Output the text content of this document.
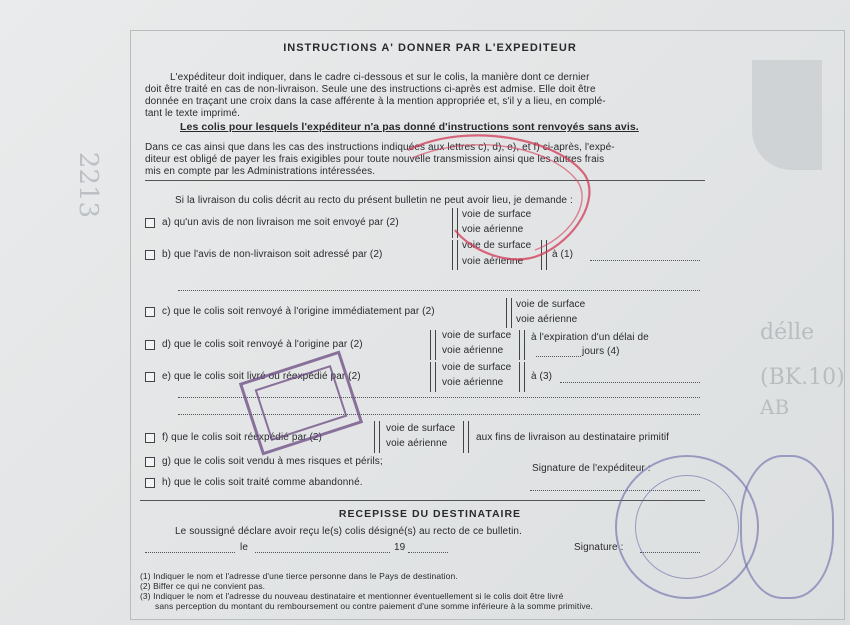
2213
délle
(BK.10)
AB
INSTRUCTIONS A' DONNER PAR L'EXPEDITEUR
L'expéditeur doit indiquer, dans le cadre ci-dessous et sur le colis, la manière dont ce dernier
doit être traité en cas de non-livraison. Seule une des instructions ci-après est admise. Elle doit être
donnée en traçant une croix dans la case afférente à la mention appropriée et, s'il y a lieu, en complé-
tant le texte imprimé.
Les colis pour lesquels l'expéditeur n'a pas donné d'instructions sont renvoyés sans avis.
Dans ce cas ainsi que dans les cas des instructions indiquées aux lettres c), d), e), et f) ci-après, l'expé-
diteur est obligé de payer les frais exigibles pour toute nouvelle transmission ainsi que les autres frais
mis en compte par les Administrations intéressées.
Si la livraison du colis décrit au recto du présent bulletin ne peut avoir lieu, je demande :
a) qu'un avis de non livraison me soit envoyé par (2)
voie de surface
voie aérienne
b) que l'avis de non-livraison soit adressé par (2)
voie de surface
voie aérienne
à (1)
c) que le colis soit renvoyé à l'origine immédiatement par (2)
voie de surface
voie aérienne
d) que le colis soit renvoyé à l'origine par (2)
voie de surface
voie aérienne
à l'expiration d'un délai de
jours (4)
e) que le colis soit livré ou réexpédié par (2)
voie de surface
voie aérienne
à (3)
f) que le colis soit réexpédié par (2)
voie de surface
voie aérienne
aux fins de livraison au destinataire primitif
g) que le colis soit vendu à mes risques et périls;
Signature de l'expéditeur :
h) que le colis soit traité comme abandonné.
RECEPISSE DU DESTINATAIRE
Le soussigné déclare avoir reçu le(s) colis désigné(s) au recto de ce bulletin.
le	19	Signature :
(1) Indiquer le nom et l'adresse d'une tierce personne dans le Pays de destination.
(2) Biffer ce qui ne convient pas.
(3) Indiquer le nom et l'adresse du nouveau destinataire et mentionner éventuellement si le colis doit être livré
sans perception du montant du remboursement ou contre paiement d'une somme inférieure à la somme primitive.
